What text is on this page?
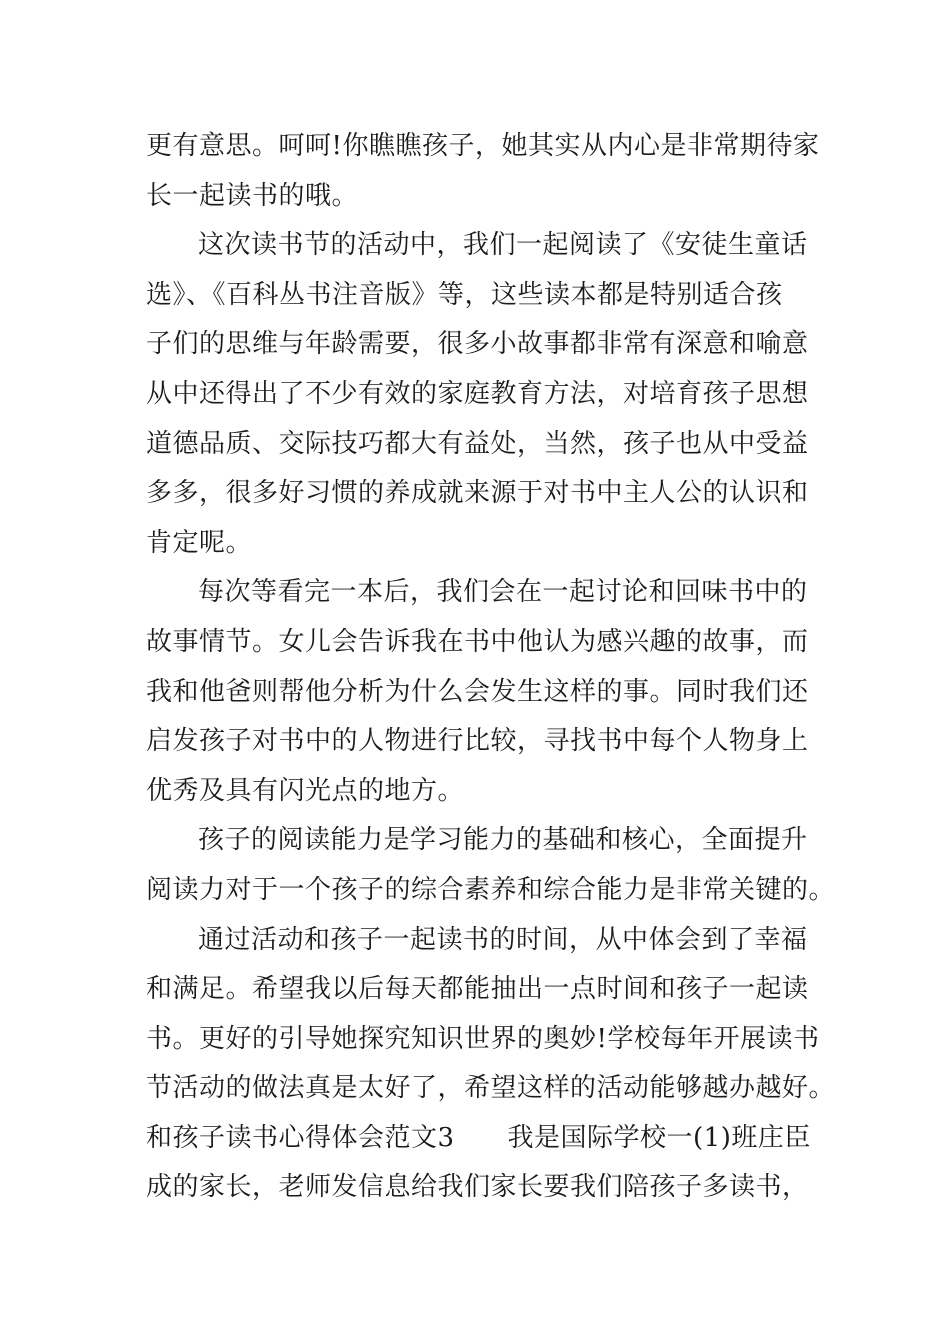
更有意思。呵呵!你瞧瞧孩子，她其实从内心是非常期待家
长一起读书的哦。
这次读书节的活动中，我们一起阅读了《安徒生童话
选》、《百科丛书注音版》等，这些读本都是特别适合孩
子们的思维与年龄需要，很多小故事都非常有深意和喻意
从中还得出了不少有效的家庭教育方法，对培育孩子思想
道德品质、交际技巧都大有益处，当然，孩子也从中受益
多多，很多好习惯的养成就来源于对书中主人公的认识和
肯定呢。
每次等看完一本后，我们会在一起讨论和回味书中的
故事情节。女儿会告诉我在书中他认为感兴趣的故事，而
我和他爸则帮他分析为什么会发生这样的事。同时我们还
启发孩子对书中的人物进行比较，寻找书中每个人物身上
优秀及具有闪光点的地方。
孩子的阅读能力是学习能力的基础和核心，全面提升
阅读力对于一个孩子的综合素养和综合能力是非常关键的。
通过活动和孩子一起读书的时间，从中体会到了幸福
和满足。希望我以后每天都能抽出一点时间和孩子一起读
书。更好的引导她探究知识世界的奥妙!学校每年开展读书
节活动的做法真是太好了，希望这样的活动能够越办越好。
和孩子读书心得体会范文3　　我是国际学校一(1)班庄臣
成的家长，老师发信息给我们家长要我们陪孩子多读书，
